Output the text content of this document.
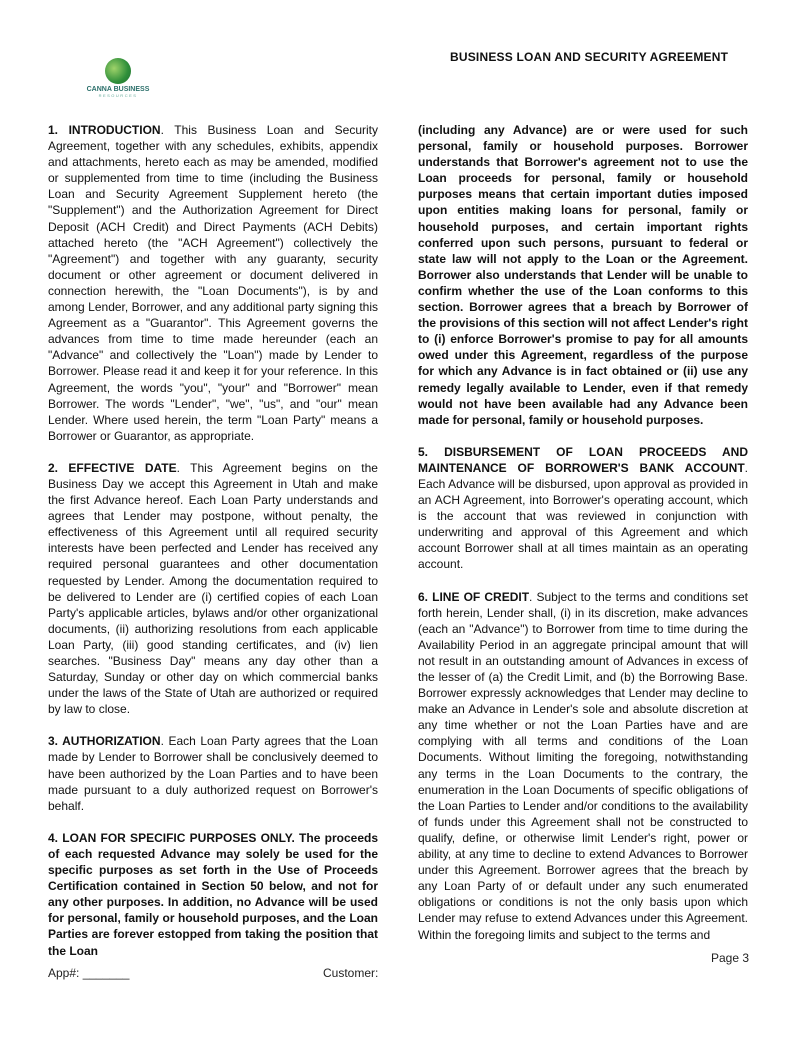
BUSINESS LOAN AND SECURITY AGREEMENT
CANNA BUSINESS
RESOURCES

1. INTRODUCTION. This Business Loan and Security Agreement, together with any schedules, exhibits, appendix and attachments, hereto each as may be amended, modified or supplemented from time to time (including the Business Loan and Security Agreement Supplement hereto (the "Supplement") and the Authorization Agreement for Direct Deposit (ACH Credit) and Direct Payments (ACH Debits) attached hereto (the "ACH Agreement") collectively the "Agreement") and together with any guaranty, security document or other agreement or document delivered in connection herewith, the "Loan Documents"), is by and among Lender, Borrower, and any additional party signing this Agreement as a "Guarantor". This Agreement governs the advances from time to time made hereunder (each an "Advance" and collectively the "Loan") made by Lender to Borrower. Please read it and keep it for your reference. In this Agreement, the words "you", "your" and "Borrower" mean Borrower. The words "Lender", "we", "us", and "our" mean Lender. Where used herein, the term "Loan Party" means a Borrower or Guarantor, as appropriate.

2. EFFECTIVE DATE. This Agreement begins on the Business Day we accept this Agreement in Utah and make the first Advance hereof. Each Loan Party understands and agrees that Lender may postpone, without penalty, the effectiveness of this Agreement until all required security interests have been perfected and Lender has received any required personal guarantees and other documentation requested by Lender. Among the documentation required to be delivered to Lender are (i) certified copies of each Loan Party's applicable articles, bylaws and/or other organizational documents, (ii) authorizing resolutions from each applicable Loan Party, (iii) good standing certificates, and (iv) lien searches. "Business Day" means any day other than a Saturday, Sunday or other day on which commercial banks under the laws of the State of Utah are authorized or required by law to close.

3. AUTHORIZATION. Each Loan Party agrees that the Loan made by Lender to Borrower shall be conclusively deemed to have been authorized by the Loan Parties and to have been made pursuant to a duly authorized request on Borrower's behalf.

4. LOAN FOR SPECIFIC PURPOSES ONLY. The proceeds of each requested Advance may solely be used for the specific purposes as set forth in the Use of Proceeds Certification contained in Section 50 below, and not for any other purposes. In addition, no Advance will be used for personal, family or household purposes, and the Loan Parties are forever estopped from taking the position that the Loan

(including any Advance) are or were used for such personal, family or household purposes. Borrower understands that Borrower's agreement not to use the Loan proceeds for personal, family or household purposes means that certain important duties imposed upon entities making loans for personal, family or household purposes, and certain important rights conferred upon such persons, pursuant to federal or state law will not apply to the Loan or the Agreement. Borrower also understands that Lender will be unable to confirm whether the use of the Loan conforms to this section. Borrower agrees that a breach by Borrower of the provisions of this section will not affect Lender's right to (i) enforce Borrower's promise to pay for all amounts owed under this Agreement, regardless of the purpose for which any Advance is in fact obtained or (ii) use any remedy legally available to Lender, even if that remedy would not have been available had any Advance been made for personal, family or household purposes.

5. DISBURSEMENT OF LOAN PROCEEDS AND MAINTENANCE OF BORROWER'S BANK ACCOUNT. Each Advance will be disbursed, upon approval as provided in an ACH Agreement, into Borrower's operating account, which is the account that was reviewed in conjunction with underwriting and approval of this Agreement and which account Borrower shall at all times maintain as an operating account.

6. LINE OF CREDIT. Subject to the terms and conditions set forth herein, Lender shall, (i) in its discretion, make advances (each an "Advance") to Borrower from time to time during the Availability Period in an aggregate principal amount that will not result in an outstanding amount of Advances in excess of the lesser of (a) the Credit Limit, and (b) the Borrowing Base. Borrower expressly acknowledges that Lender may decline to make an Advance in Lender's sole and absolute discretion at any time whether or not the Loan Parties have and are complying with all terms and conditions of the Loan Documents. Without limiting the foregoing, notwithstanding any terms in the Loan Documents to the contrary, the enumeration in the Loan Documents of specific obligations of the Loan Parties to Lender and/or conditions to the availability of funds under this Agreement shall not be constructed to qualify, define, or otherwise limit Lender's right, power or ability, at any time to decline to extend Advances to Borrower under this Agreement. Borrower agrees that the breach by any Loan Party of or default under any such enumerated obligations or conditions is not the only basis upon which Lender may refuse to extend Advances under this Agreement. Within the foregoing limits and subject to the terms and

Page 3
App#: _______	Customer:
